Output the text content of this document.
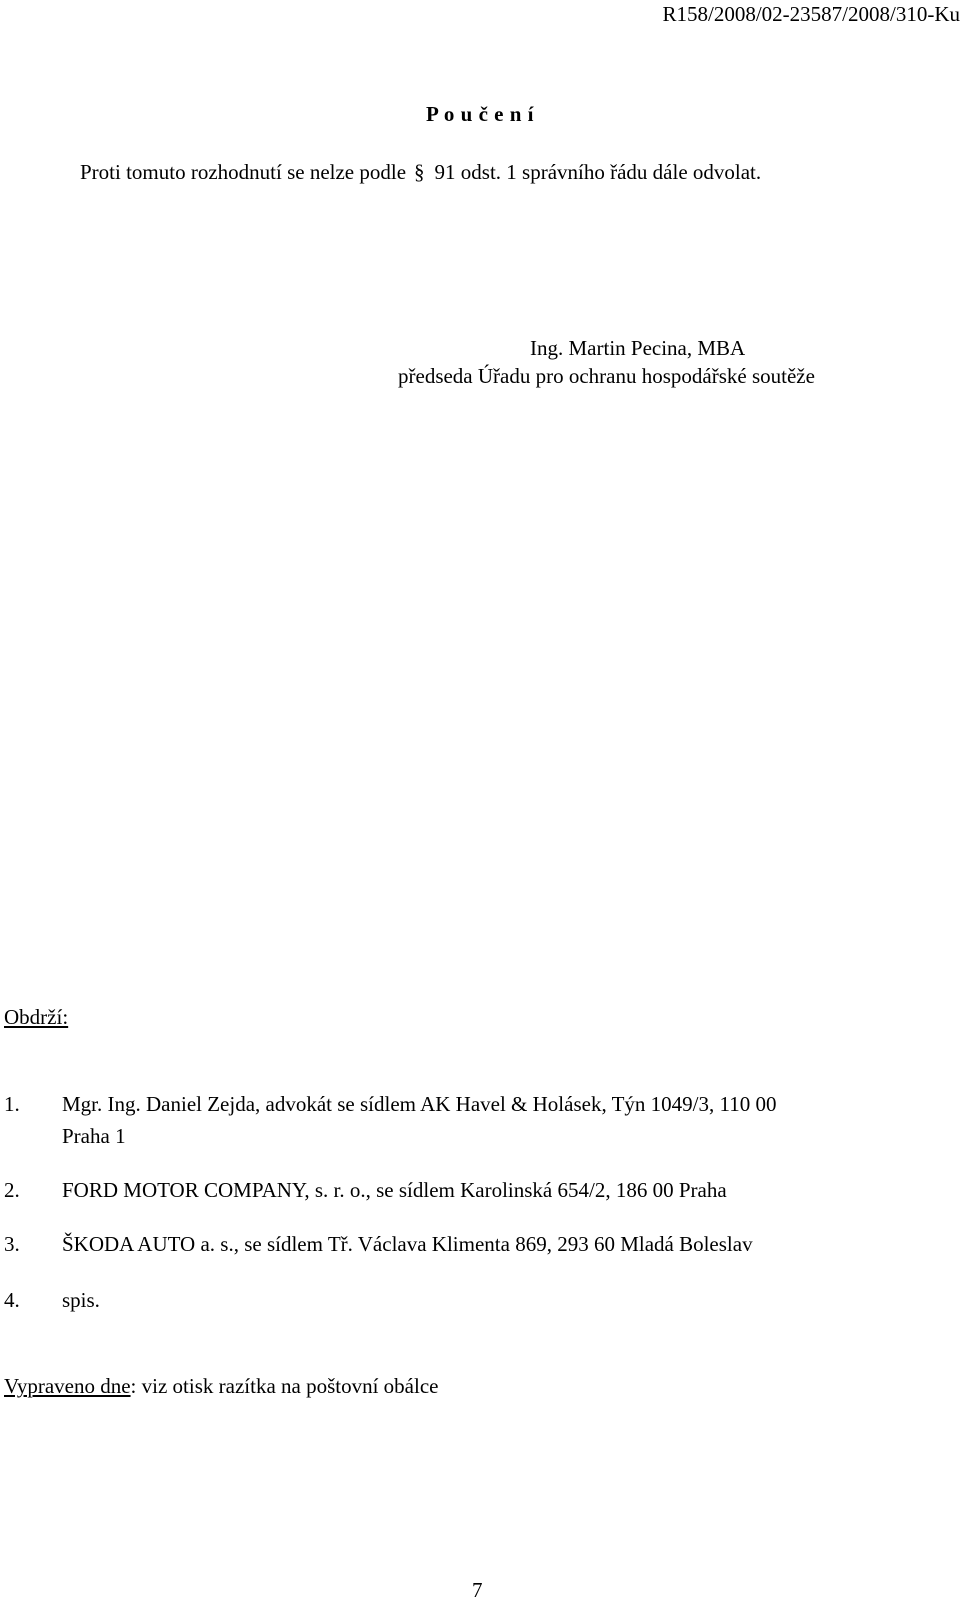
R158/2008/02-23587/2008/310-Ku
P o u č e n í
Proti tomuto rozhodnutí se nelze podle § 91 odst. 1 správního řádu dále odvolat.
Ing. Martin Pecina, MBA
předseda Úřadu pro ochranu hospodářské soutěže
Obdrží:
1. Mgr. Ing. Daniel Zejda, advokát se sídlem AK Havel & Holásek, Týn 1049/3, 110 00
Praha 1
2. FORD MOTOR COMPANY, s. r. o., se sídlem Karolinská 654/2, 186 00 Praha
3. ŠKODA AUTO a. s., se sídlem Tř. Václava Klimenta 869, 293 60 Mladá Boleslav
4. spis.
Vypraveno dne: viz otisk razítka na poštovní obálce
7
